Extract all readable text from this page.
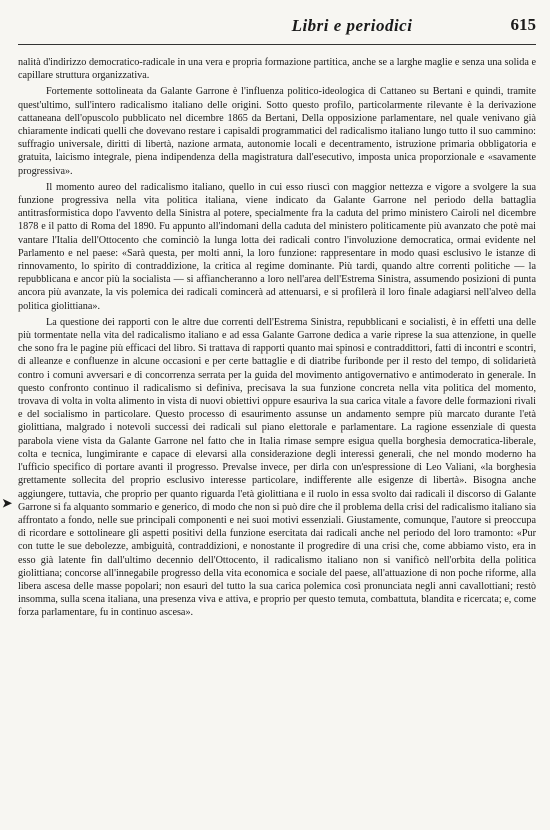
Libri e periodici	615
➤

nalità d'indirizzo democratico-radicale in una vera e propria formazione partitica, anche se a larghe maglie e senza una solida e capillare struttura organizzativa.

Fortemente sottolineata da Galante Garrone è l'influenza politico-ideologica di Cattaneo su Bertani e quindi, tramite quest'ultimo, sull'intero radicalismo italiano delle origini. Sotto questo profilo, particolarmente rilevante è la derivazione cattaneana dell'opuscolo pubblicato nel dicembre 1865 da Bertani, Della opposizione parlamentare, nel quale venivano già chiaramente indicati quelli che dovevano restare i capisaldi programmatici del radicalismo italiano lungo tutto il suo cammino: suffragio universale, diritti di libertà, nazione armata, autonomie locali e decentramento, istruzione primaria obbligatoria e gratuita, laicismo integrale, piena indipendenza della magistratura dall'esecutivo, imposta unica proporzionale e «savamente progressiva».

Il momento aureo del radicalismo italiano, quello in cui esso riuscì con maggior nettezza e vigore a svolgere la sua funzione progressiva nella vita politica italiana, viene indicato da Galante Garrone nel periodo della battaglia antitrasformistica dopo l'avvento della Sinistra al potere, specialmente fra la caduta del primo ministero Cairoli nel dicembre 1878 e il patto di Roma del 1890. Fu appunto all'indomani della caduta del ministero politicamente più avanzato che potè mai vantare l'Italia dell'Ottocento che cominciò la lunga lotta dei radicali contro l'involuzione democratica, ormai evidente nel Parlamento e nel paese: «Sarà questa, per molti anni, la loro funzione: rappresentare in modo quasi esclusivo le istanze di rinnovamento, lo spirito di contraddizione, la critica al regime dominante. Più tardi, quando altre correnti politiche — la repubblicana e ancor più la socialista — si affiancheranno a loro nell'area dell'Estrema Sinistra, assumendo posizioni di punta ancora più avanzate, la vis polemica dei radicali comincerà ad attenuarsi, e si profilerà il loro finale adagiarsi nell'alveo della politica giolittiana».

La questione dei rapporti con le altre due correnti dell'Estrema Sinistra, repubblicani e socialisti, è in effetti una delle più tormentate nella vita del radicalismo italiano e ad essa Galante Garrone dedica a varie riprese la sua attenzione, in quelle che sono fra le pagine più efficaci del libro. Si trattava di rapporti quanto mai spinosi e contraddittori, fatti di incontri e scontri, di alleanze e confluenze in alcune occasioni e per certe battaglie e di diatribe furibonde per il resto del tempo, di solidarietà contro i comuni avversari e di concorrenza serrata per la guida del movimento antigovernativo e antimoderato in generale. In questo confronto continuo il radicalismo si definiva, precisava la sua funzione concreta nella vita politica del momento, trovava di volta in volta alimento in vista di nuovi obiettivi oppure esauriva la sua carica vitale a favore delle formazioni rivali e del socialismo in particolare. Questo processo di esaurimento assunse un andamento sempre più marcato durante l'età giolittiana, malgrado i notevoli successi dei radicali sul piano elettorale e parlamentare. La ragione essenziale di questa parabola viene vista da Galante Garrone nel fatto che in Italia rimase sempre esigua quella borghesia democratica-liberale, colta e tecnica, lungimirante e capace di elevarsi alla considerazione degli interessi generali, che nel mondo moderno ha l'ufficio specifico di portare avanti il progresso. Prevalse invece, per dirla con un'espressione di Leo Valiani, «la borghesia grettamente sollecita del proprio esclusivo interesse particolare, indifferente alle esigenze di libertà». Bisogna anche aggiungere, tuttavia, che proprio per quanto riguarda l'età giolittiana e il ruolo in essa svolto dai radicali il discorso di Galante Garrone si fa alquanto sommario e generico, di modo che non si può dire che il problema della crisi del radicalismo italiano sia affrontato a fondo, nelle sue principali componenti e nei suoi motivi essenziali. Giustamente, comunque, l'autore si preoccupa di ricordare e sottolineare gli aspetti positivi della funzione esercitata dai radicali anche nel periodo del loro tramonto: «Pur con tutte le sue debolezze, ambiguità, contraddizioni, e nonostante il progredire di una crisi che, come abbiamo visto, era in esso già latente fin dall'ultimo decennio dell'Ottocento, il radicalismo italiano non si vanificò nell'orbita della politica giolittiana; concorse all'innegabile progresso della vita economica e sociale del paese, all'attuazione di non poche riforme, alla libera ascesa delle masse popolari; non esaurì del tutto la sua carica polemica così pronunciata negli anni cavallottiani; restò insomma, sulla scena italiana, una presenza viva e attiva, e proprio per questo temuta, combattuta, blandita e ricercata; e, come forza parlamentare, fu in continuo ascesa».
